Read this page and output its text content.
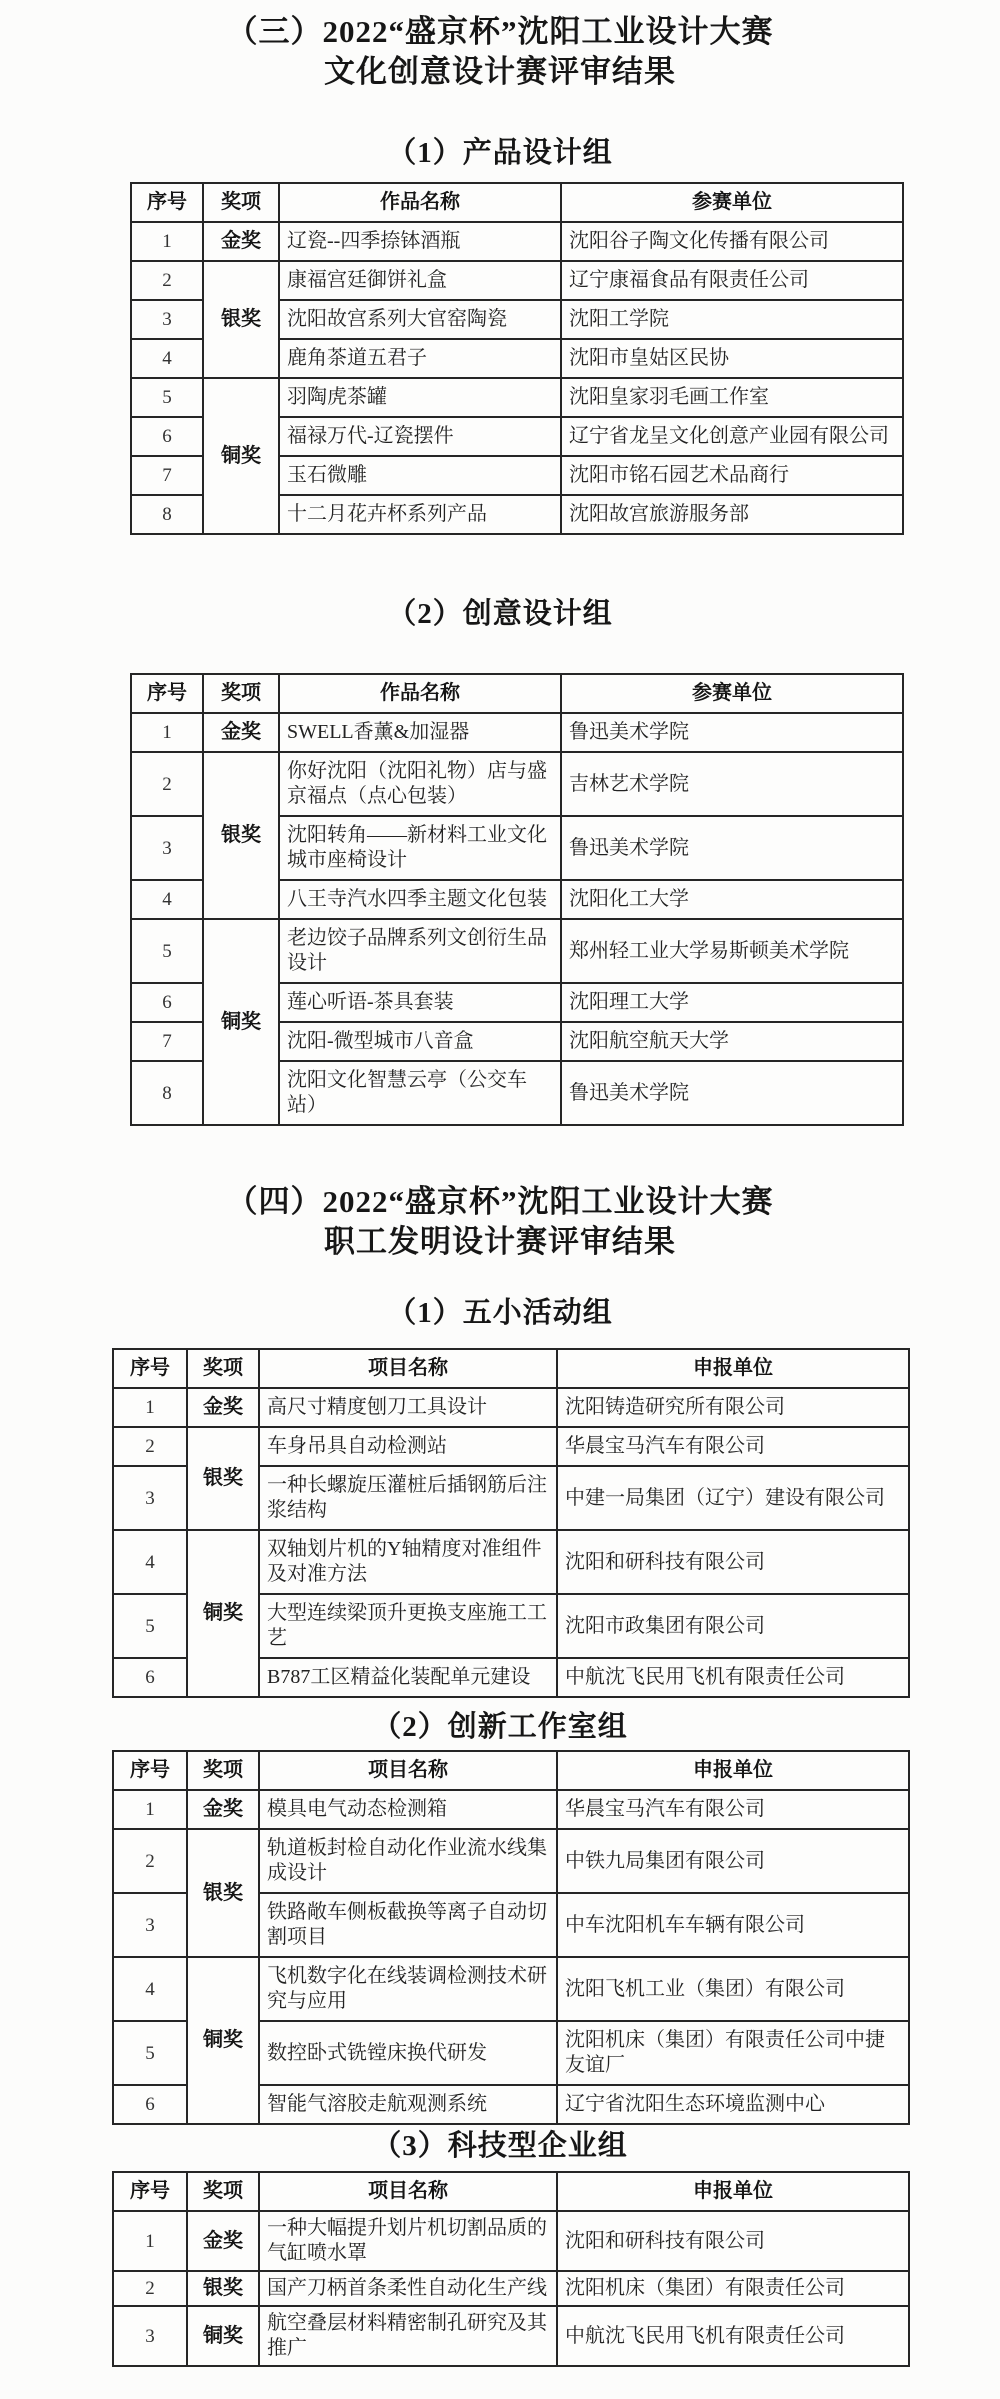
（三）2022“盛京杯”沈阳工业设计大赛
文化创意设计赛评审结果
（1）产品设计组
序号	奖项	作品名称	参赛单位
1	金奖	辽瓷--四季捺钵酒瓶	沈阳谷子陶文化传播有限公司
2	银奖	康福宫廷御饼礼盒	辽宁康福食品有限责任公司
3		沈阳故宫系列大官窑陶瓷	沈阳工学院
4		鹿角茶道五君子	沈阳市皇姑区民协
5	铜奖	羽陶虎茶罐	沈阳皇家羽毛画工作室
6		福禄万代-辽瓷摆件	辽宁省龙呈文化创意产业园有限公司
7		玉石微雕	沈阳市铭石园艺术品商行
8		十二月花卉杯系列产品	沈阳故宫旅游服务部
（2）创意设计组
序号	奖项	作品名称	参赛单位
1	金奖	SWELL香薰&加湿器	鲁迅美术学院
2	银奖	你好沈阳（沈阳礼物）店与盛京福点（点心包装）	吉林艺术学院
3		沈阳转角——新材料工业文化城市座椅设计	鲁迅美术学院
4		八王寺汽水四季主题文化包装	沈阳化工大学
5	铜奖	老边饺子品牌系列文创衍生品设计	郑州轻工业大学易斯顿美术学院
6		莲心听语-茶具套装	沈阳理工大学
7		沈阳-微型城市八音盒	沈阳航空航天大学
8		沈阳文化智慧云亭（公交车站）	鲁迅美术学院
（四）2022“盛京杯”沈阳工业设计大赛
职工发明设计赛评审结果
（1）五小活动组
序号	奖项	项目名称	申报单位
1	金奖	高尺寸精度刨刀工具设计	沈阳铸造研究所有限公司
2	银奖	车身吊具自动检测站	华晨宝马汽车有限公司
3		一种长螺旋压灌桩后插钢筋后注浆结构	中建一局集团（辽宁）建设有限公司
4	铜奖	双轴划片机的Y轴精度对准组件及对准方法	沈阳和研科技有限公司
5		大型连续梁顶升更换支座施工工艺	沈阳市政集团有限公司
6		B787工区精益化装配单元建设	中航沈飞民用飞机有限责任公司
（2）创新工作室组
序号	奖项	项目名称	申报单位
1	金奖	模具电气动态检测箱	华晨宝马汽车有限公司
2	银奖	轨道板封检自动化作业流水线集成设计	中铁九局集团有限公司
3		铁路敞车侧板截换等离子自动切割项目	中车沈阳机车车辆有限公司
4	铜奖	飞机数字化在线装调检测技术研究与应用	沈阳飞机工业（集团）有限公司
5		数控卧式铣镗床换代研发	沈阳机床（集团）有限责任公司中捷友谊厂
6		智能气溶胶走航观测系统	辽宁省沈阳生态环境监测中心
（3）科技型企业组
序号	奖项	项目名称	申报单位
1	金奖	一种大幅提升划片机切割品质的气缸喷水罩	沈阳和研科技有限公司
2	银奖	国产刀柄首条柔性自动化生产线	沈阳机床（集团）有限责任公司
3	铜奖	航空叠层材料精密制孔研究及其推广	中航沈飞民用飞机有限责任公司
